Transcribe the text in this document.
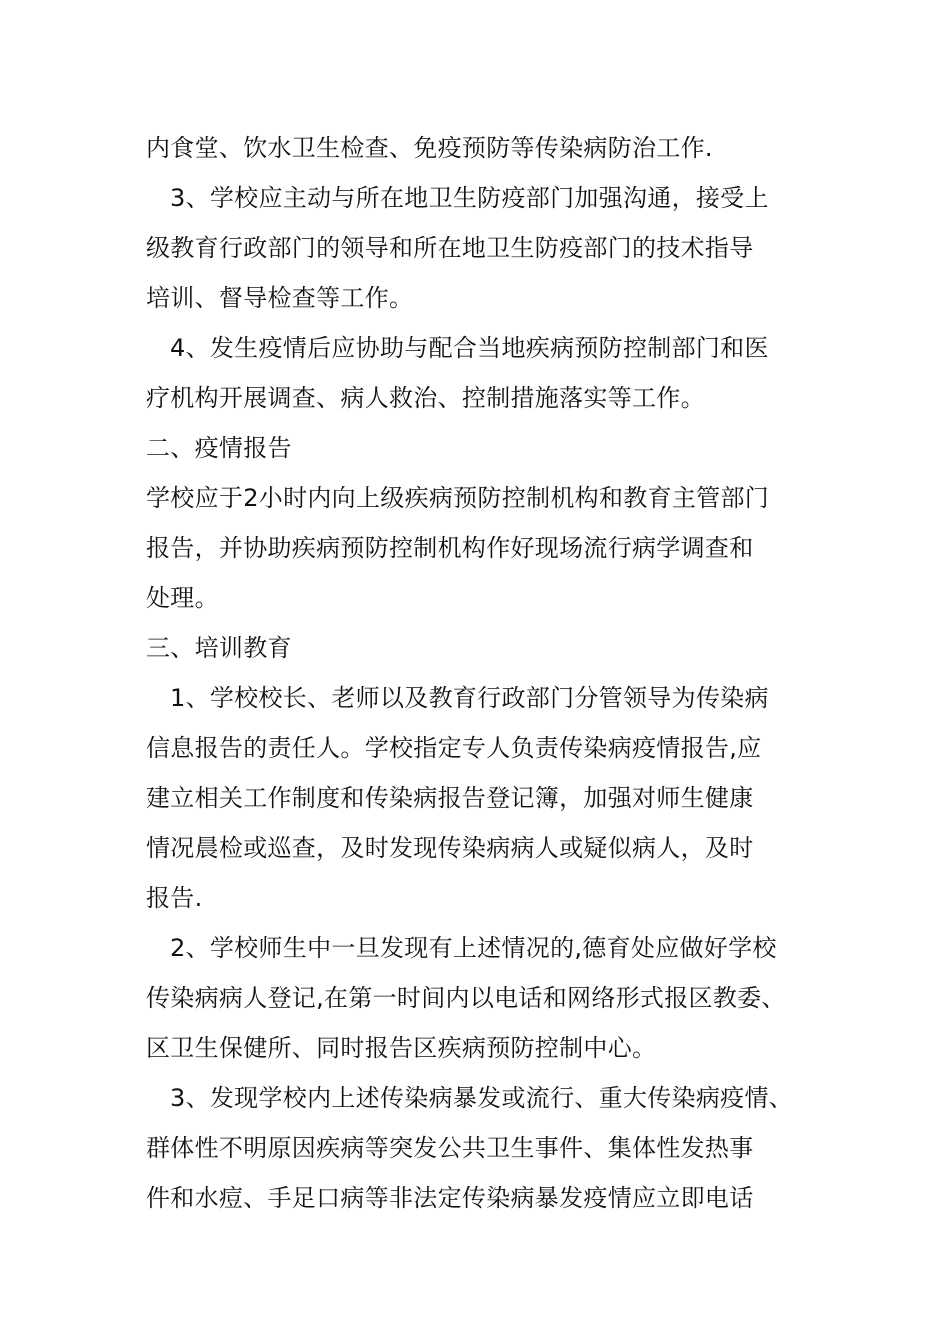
内食堂、饮水卫生检查、免疫预防等传染病防治工作.
3、学校应主动与所在地卫生防疫部门加强沟通，接受上
级教育行政部门的领导和所在地卫生防疫部门的技术指导
培训、督导检查等工作。
4、发生疫情后应协助与配合当地疾病预防控制部门和医
疗机构开展调查、病人救治、控制措施落实等工作。
二、疫情报告
学校应于2小时内向上级疾病预防控制机构和教育主管部门
报告，并协助疾病预防控制机构作好现场流行病学调查和
处理。
三、培训教育
1、学校校长、老师以及教育行政部门分管领导为传染病
信息报告的责任人。学校指定专人负责传染病疫情报告,应
建立相关工作制度和传染病报告登记簿，加强对师生健康
情况晨检或巡查，及时发现传染病病人或疑似病人，及时
报告.
2、学校师生中一旦发现有上述情况的,德育处应做好学校
传染病病人登记,在第一时间内以电话和网络形式报区教委、
区卫生保健所、同时报告区疾病预防控制中心。
3、发现学校内上述传染病暴发或流行、重大传染病疫情、
群体性不明原因疾病等突发公共卫生事件、集体性发热事
件和水痘、手足口病等非法定传染病暴发疫情应立即电话
